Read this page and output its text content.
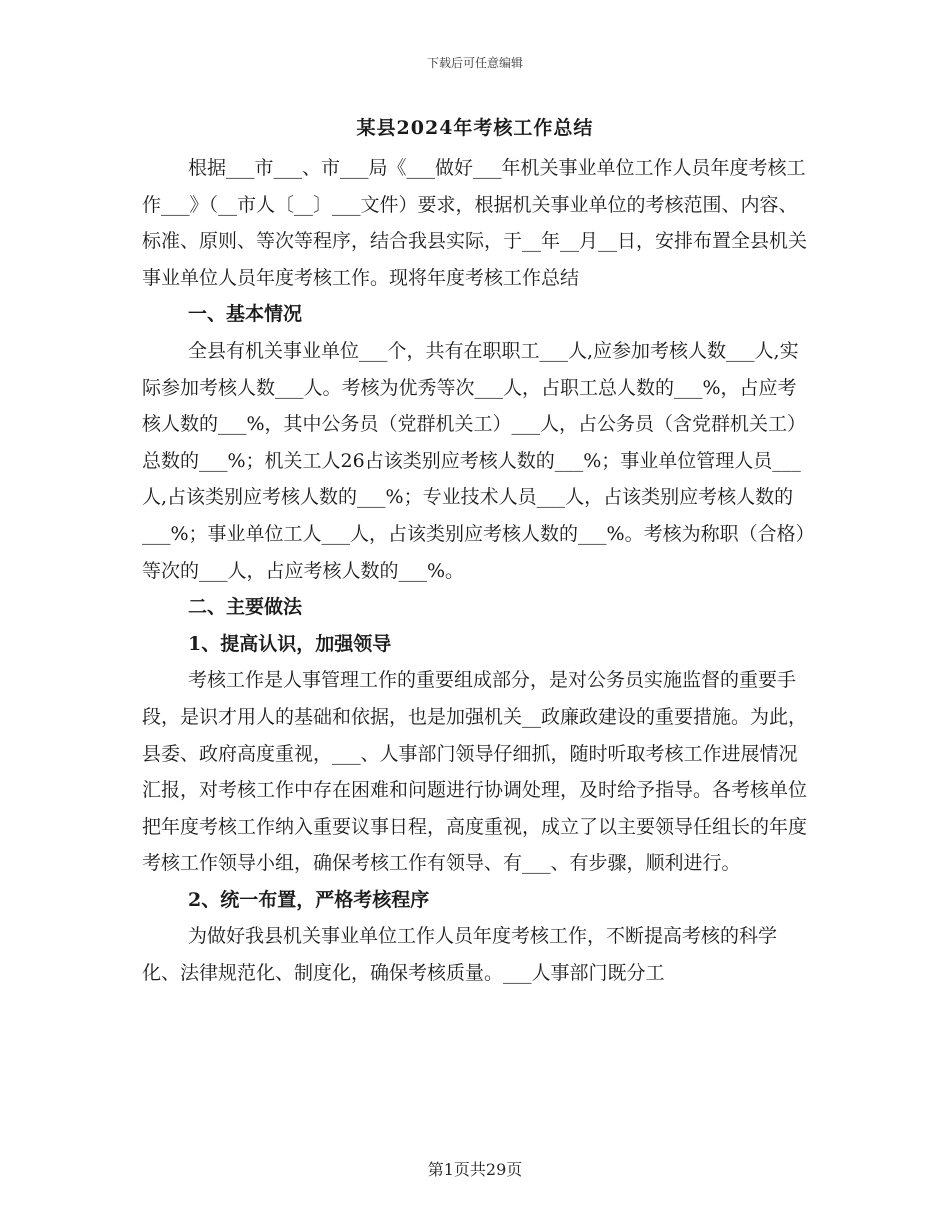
下载后可任意编辑
某县2024年考核工作总结

根据___市___、市___局《___做好___年机关事业单位工作人员年度考核工作___》（__市人〔__〕___文件）要求，根据机关事业单位的考核范围、内容、标准、原则、等次等程序，结合我县实际，于__年__月__日，安排布置全县机关事业单位人员年度考核工作。现将年度考核工作总结

一、基本情况

全县有机关事业单位___个，共有在职职工___人,应参加考核人数___人,实际参加考核人数___人。考核为优秀等次___人，占职工总人数的___%，占应考核人数的___%，其中公务员（党群机关工）___人，占公务员（含党群机关工）总数的___%；机关工人26占该类别应考核人数的___%；事业单位管理人员___人,占该类别应考核人数的___%；专业技术人员___人，占该类别应考核人数的___%；事业单位工人___人，占该类别应考核人数的___%。考核为称职（合格）等次的___人，占应考核人数的___%。

二、主要做法

1、提高认识，加强领导

考核工作是人事管理工作的重要组成部分，是对公务员实施监督的重要手段，是识才用人的基础和依据，也是加强机关__政廉政建设的重要措施。为此，县委、政府高度重视，___、人事部门领导仔细抓，随时听取考核工作进展情况汇报，对考核工作中存在困难和问题进行协调处理，及时给予指导。各考核单位把年度考核工作纳入重要议事日程，高度重视，成立了以主要领导任组长的年度考核工作领导小组，确保考核工作有领导、有___、有步骤，顺利进行。

2、统一布置，严格考核程序

为做好我县机关事业单位工作人员年度考核工作，不断提高考核的科学化、法律规范化、制度化，确保考核质量。___人事部门既分工

第1页共29页
